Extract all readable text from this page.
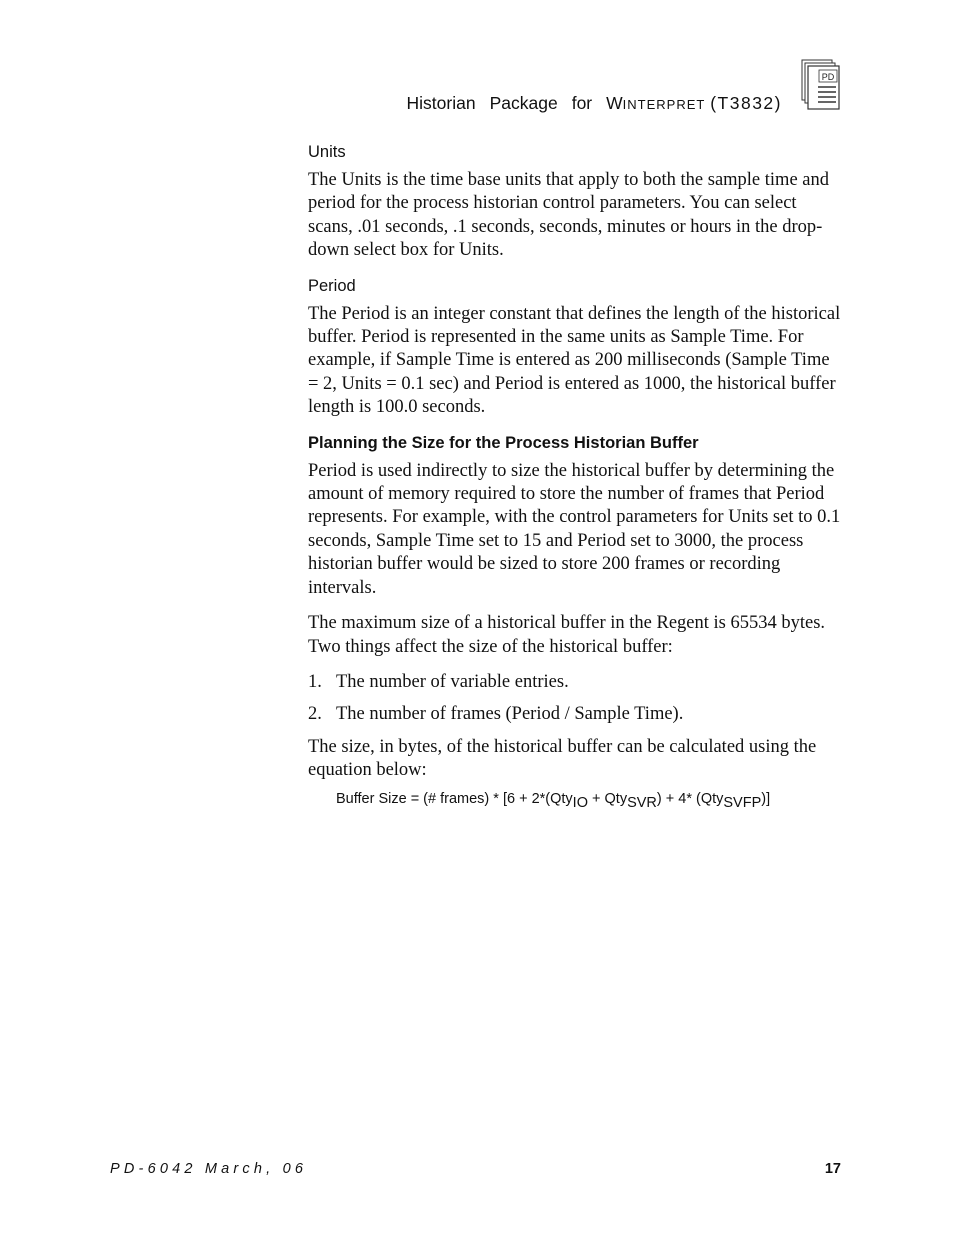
Historian Package for WINTERPRET (T3832)
PD
Units

The Units is the time base units that apply to both the sample time and period for the process historian control parameters. You can select scans, .01 seconds, .1 seconds, seconds, minutes or hours in the drop-down select box for Units.

Period

The Period is an integer constant that defines the length of the historical buffer. Period is represented in the same units as Sample Time. For example, if Sample Time is entered as 200 milliseconds (Sample Time = 2, Units = 0.1 sec) and Period is entered as 1000, the historical buffer length is 100.0 seconds.

Planning the Size for the Process Historian Buffer

Period is used indirectly to size the historical buffer by determining the amount of memory required to store the number of frames that Period represents. For example, with the control parameters for Units set to 0.1 seconds, Sample Time set to 15 and Period set to 3000, the process historian buffer would be sized to store 200 frames or recording intervals.

The maximum size of a historical buffer in the Regent is 65534 bytes. Two things affect the size of the historical buffer:

1. The number of variable entries.
2. The number of frames (Period / Sample Time).

The size, in bytes, of the historical buffer can be calculated using the equation below:

Buffer Size = (# frames) * [6 + 2*(QtyIO + QtySVR) + 4* (QtySVFP)]
PD-6042 March, 06	17
